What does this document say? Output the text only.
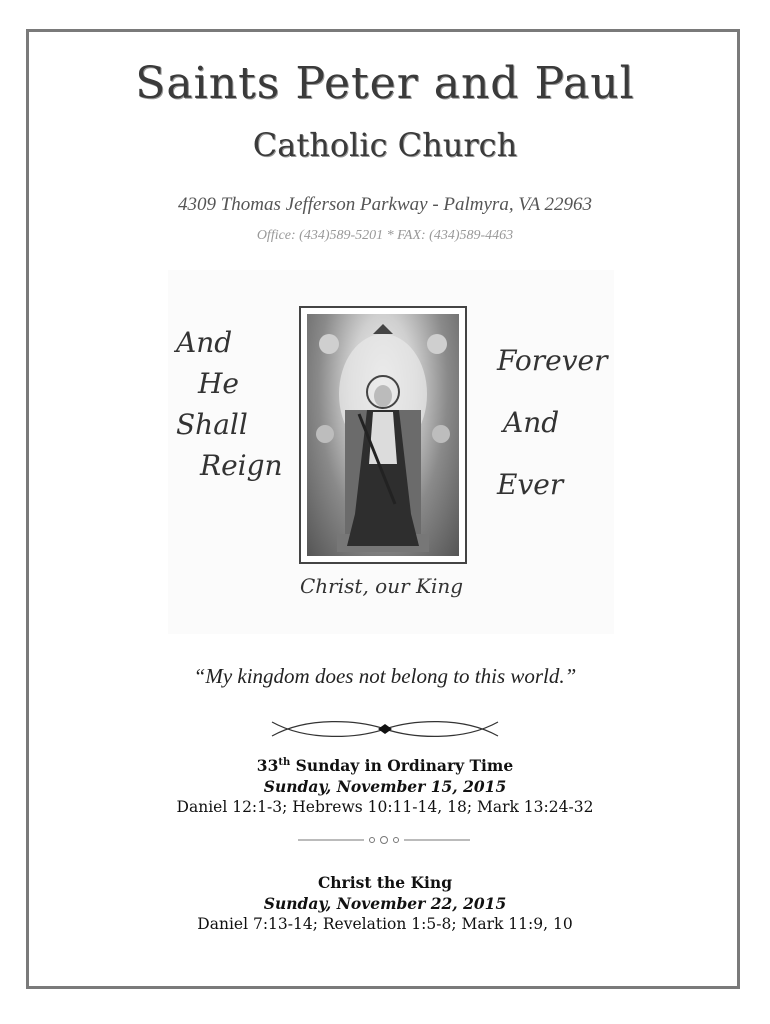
Saints Peter and Paul
Catholic Church
4309 Thomas Jefferson Parkway - Palmyra, VA 22963
Office: (434)589-5201 * FAX: (434)589-4463
And
He
Shall
Reign
Forever
And
Ever
Christ, our King
“My kingdom does not belong to this world.”
33th Sunday in Ordinary Time
Sunday, November 15, 2015
Daniel 12:1-3; Hebrews 10:11-14, 18; Mark 13:24-32
Christ the King
Sunday, November 22, 2015
Daniel 7:13-14; Revelation 1:5-8; Mark 11:9, 10
